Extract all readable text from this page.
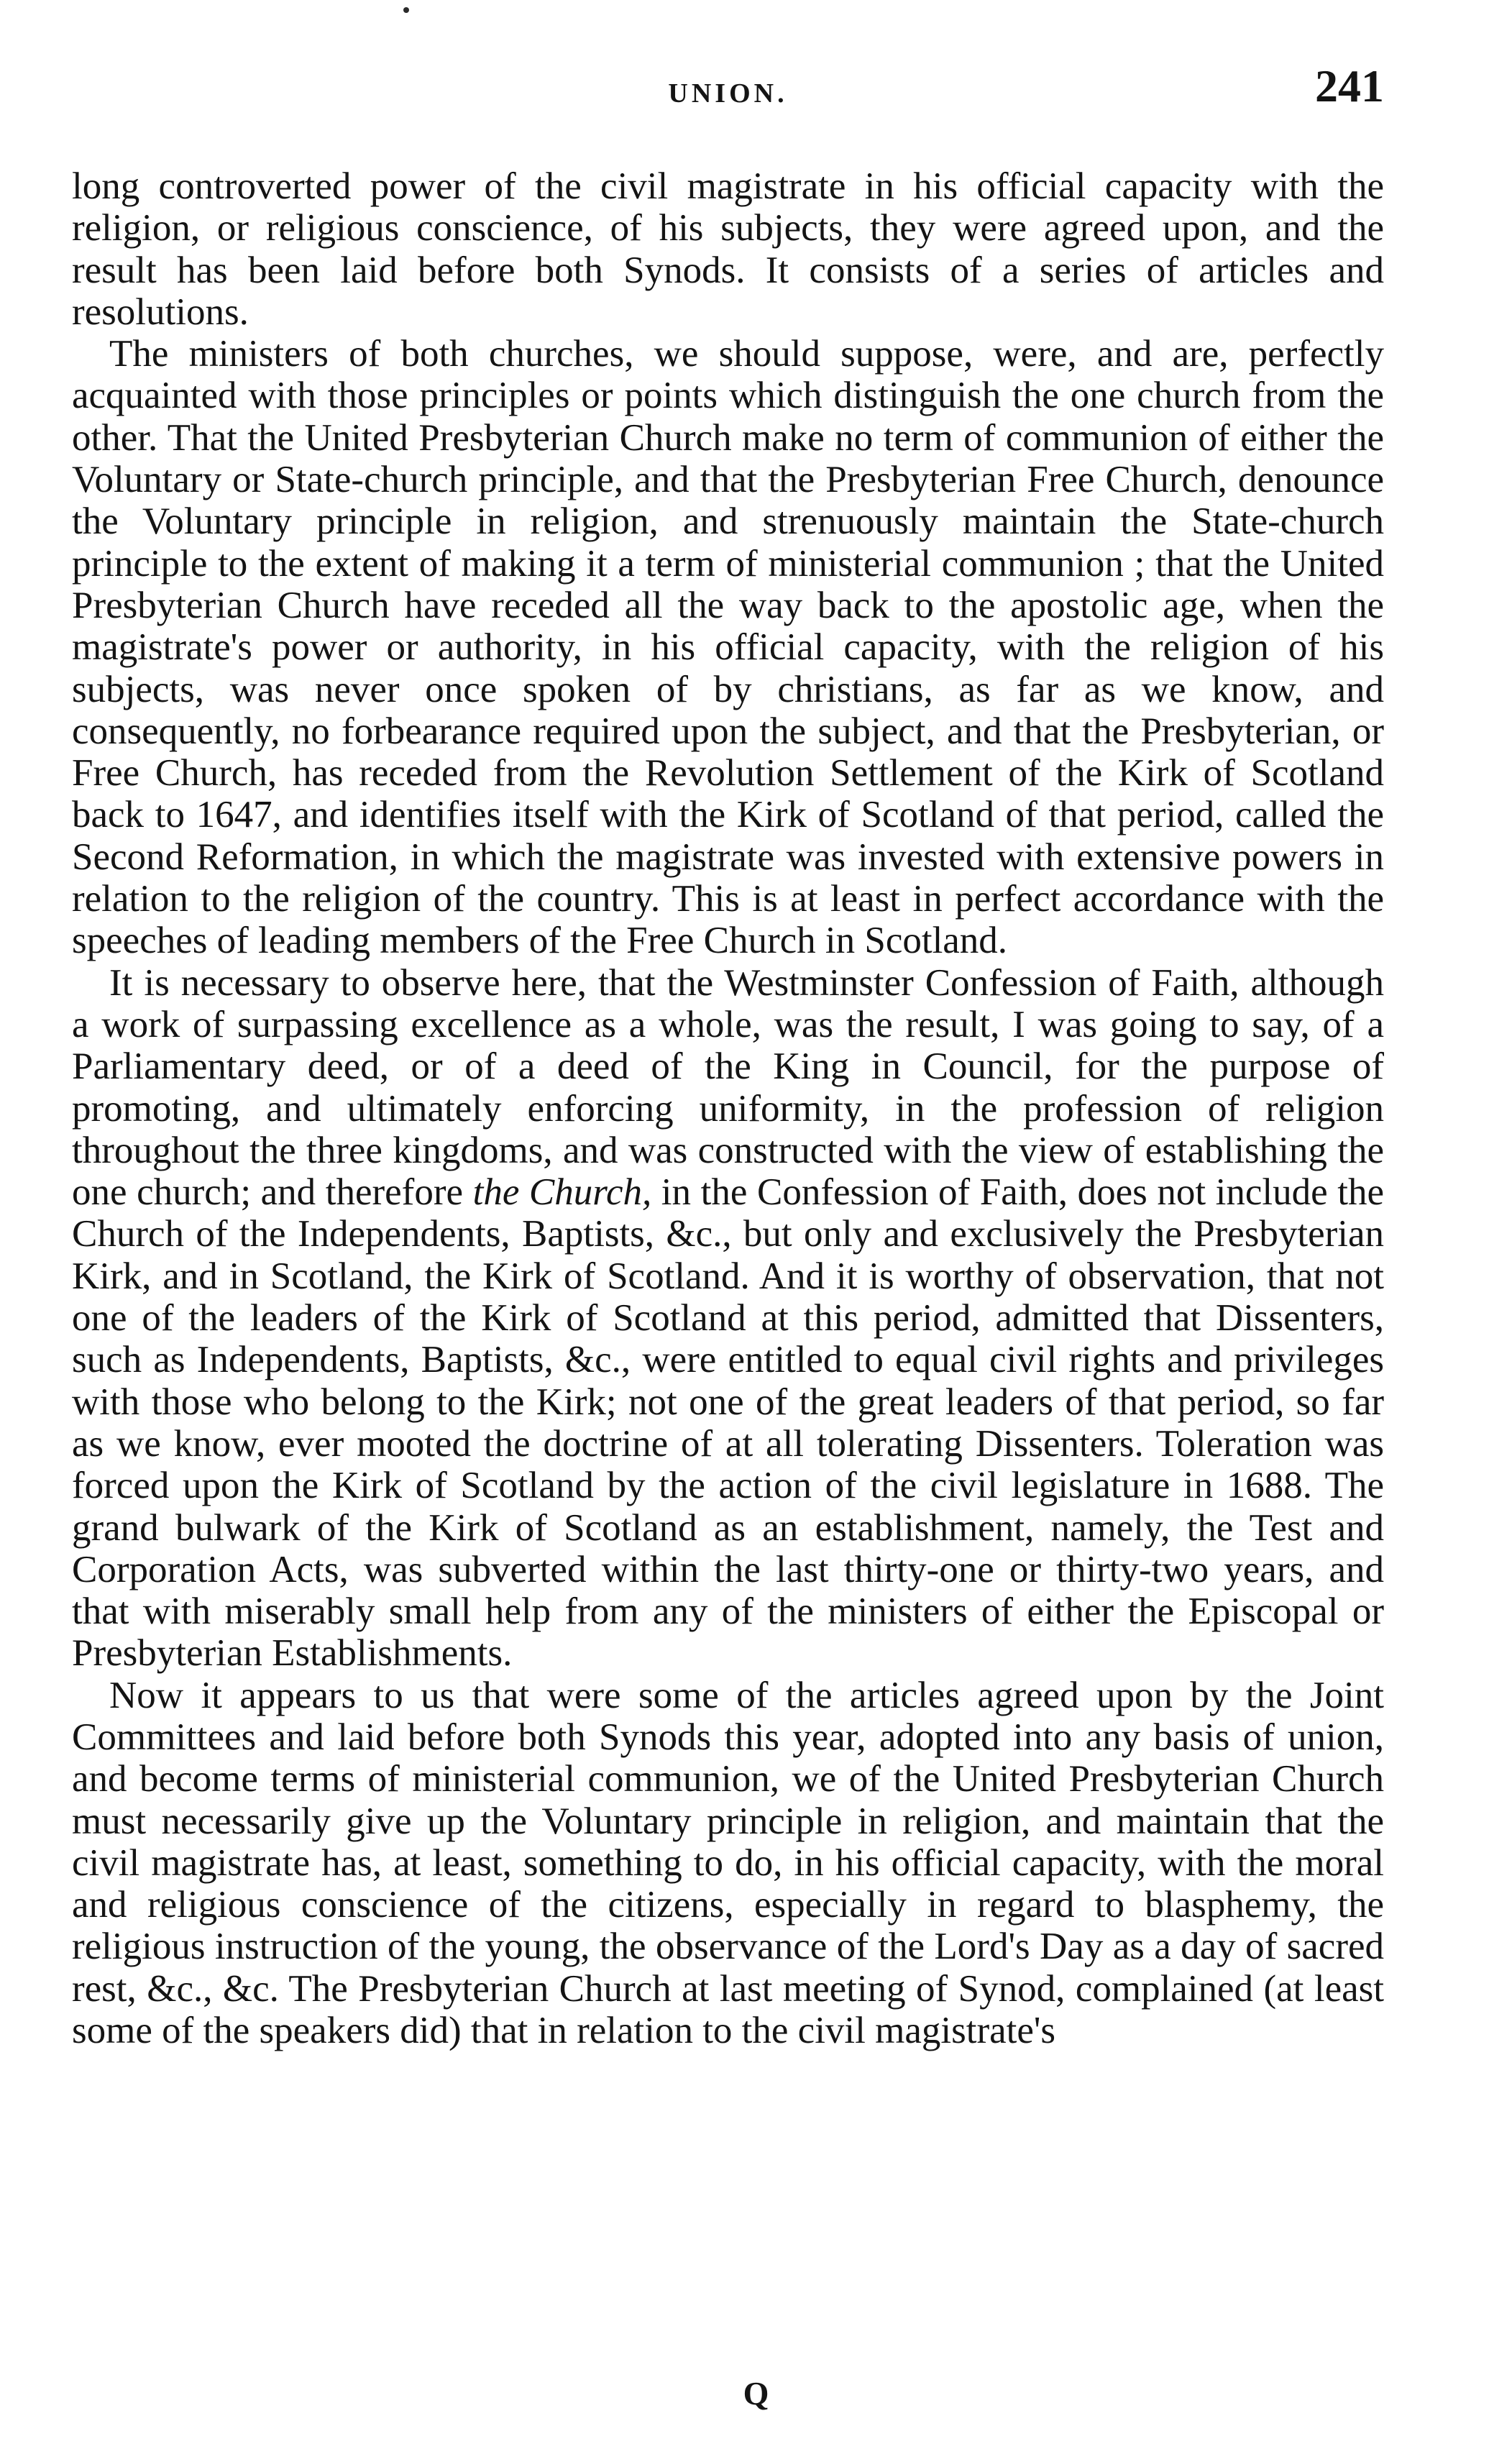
UNION.	241

long controverted power of the civil magistrate in his official capacity with the religion, or religious conscience, of his subjects, they were agreed upon, and the result has been laid before both Synods. It consists of a series of articles and resolutions.

The ministers of both churches, we should suppose, were, and are, perfectly acquainted with those principles or points which distinguish the one church from the other. That the United Presbyterian Church make no term of communion of either the Voluntary or State-church principle, and that the Presbyterian Free Church, denounce the Voluntary principle in religion, and strenuously maintain the State-church principle to the extent of making it a term of ministerial communion ; that the United Presbyterian Church have receded all the way back to the apostolic age, when the magistrate's power or authority, in his official capacity, with the religion of his subjects, was never once spoken of by christians, as far as we know, and consequently, no forbearance required upon the subject, and that the Presbyterian, or Free Church, has receded from the Revolution Settlement of the Kirk of Scotland back to 1647, and identifies itself with the Kirk of Scotland of that period, called the Second Reformation, in which the magistrate was invested with extensive powers in relation to the religion of the country. This is at least in perfect accordance with the speeches of leading members of the Free Church in Scotland.

It is necessary to observe here, that the Westminster Confession of Faith, although a work of surpassing excellence as a whole, was the result, I was going to say, of a Parliamentary deed, or of a deed of the King in Council, for the purpose of promoting, and ultimately enforcing uniformity, in the profession of religion throughout the three kingdoms, and was constructed with the view of establishing the one church; and therefore the Church, in the Confession of Faith, does not include the Church of the Independents, Baptists, &c., but only and exclusively the Presbyterian Kirk, and in Scotland, the Kirk of Scotland. And it is worthy of observation, that not one of the leaders of the Kirk of Scotland at this period, admitted that Dissenters, such as Independents, Baptists, &c., were entitled to equal civil rights and privileges with those who belong to the Kirk; not one of the great leaders of that period, so far as we know, ever mooted the doctrine of at all tolerating Dissenters. Toleration was forced upon the Kirk of Scotland by the action of the civil legislature in 1688. The grand bulwark of the Kirk of Scotland as an establishment, namely, the Test and Corporation Acts, was subverted within the last thirty-one or thirty-two years, and that with miserably small help from any of the ministers of either the Episcopal or Presbyterian Establishments.

Now it appears to us that were some of the articles agreed upon by the Joint Committees and laid before both Synods this year, adopted into any basis of union, and become terms of ministerial communion, we of the United Presbyterian Church must necessarily give up the Voluntary principle in religion, and maintain that the civil magistrate has, at least, something to do, in his official capacity, with the moral and religious conscience of the citizens, especially in regard to blasphemy, the religious instruction of the young, the observance of the Lord's Day as a day of sacred rest, &c., &c. The Presbyterian Church at last meeting of Synod, complained (at least some of the speakers did) that in relation to the civil magistrate's

Q
